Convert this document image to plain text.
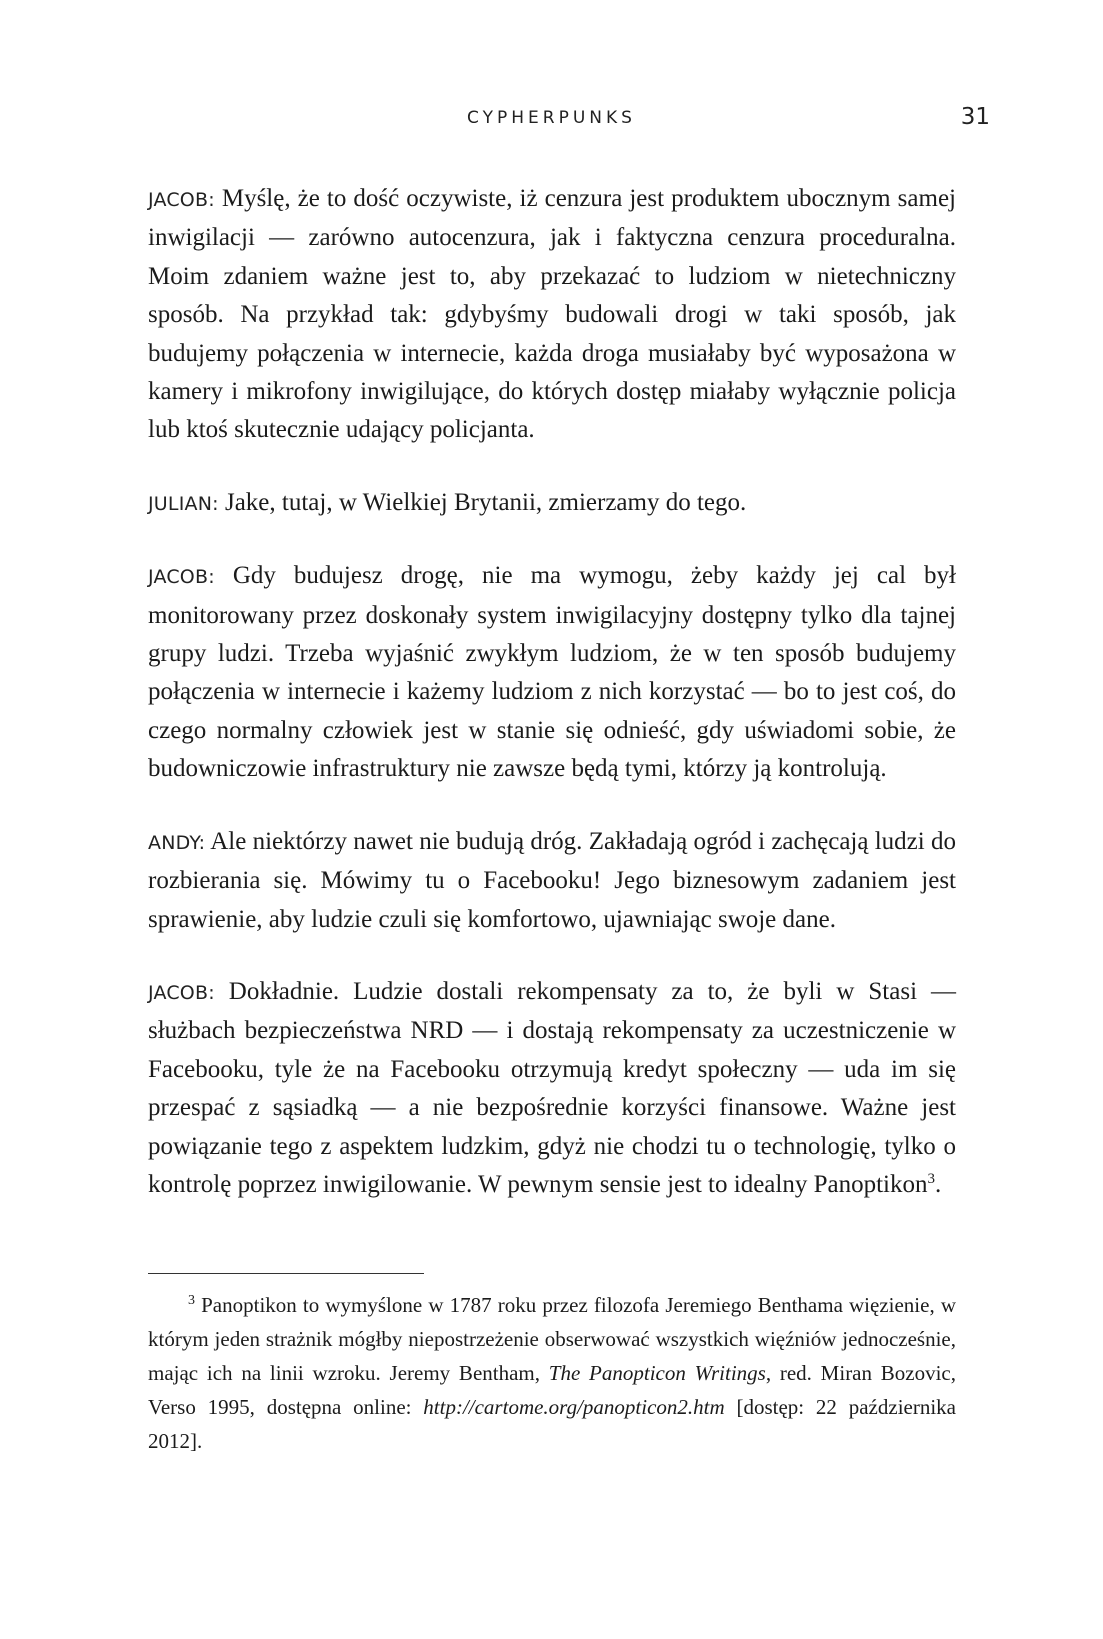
CYPHERPUNKS	31

JACOB: Myślę, że to dość oczywiste, iż cenzura jest produktem ubocznym samej inwigilacji — zarówno autocenzura, jak i faktyczna cenzura proceduralna. Moim zdaniem ważne jest to, aby przekazać to ludziom w nietechniczny sposób. Na przykład tak: gdybyśmy budowali drogi w taki sposób, jak budujemy połączenia w internecie, każda droga musiałaby być wyposażona w kamery i mikrofony inwigilujące, do których dostęp miałaby wyłącznie policja lub ktoś skutecznie udający policjanta.

JULIAN: Jake, tutaj, w Wielkiej Brytanii, zmierzamy do tego.

JACOB: Gdy budujesz drogę, nie ma wymogu, żeby każdy jej cal był monitorowany przez doskonały system inwigilacyjny dostępny tylko dla tajnej grupy ludzi. Trzeba wyjaśnić zwykłym ludziom, że w ten sposób budujemy połączenia w internecie i każemy ludziom z nich korzystać — bo to jest coś, do czego normalny człowiek jest w stanie się odnieść, gdy uświadomi sobie, że budowniczowie infrastruktury nie zawsze będą tymi, którzy ją kontrolują.

ANDY: Ale niektórzy nawet nie budują dróg. Zakładają ogród i zachęcają ludzi do rozbierania się. Mówimy tu o Facebooku! Jego biznesowym zadaniem jest sprawienie, aby ludzie czuli się komfortowo, ujawniając swoje dane.

JACOB: Dokładnie. Ludzie dostali rekompensaty za to, że byli w Stasi — służbach bezpieczeństwa NRD — i dostają rekompensaty za uczestniczenie w Facebooku, tyle że na Facebooku otrzymują kredyt społeczny — uda im się przespać z sąsiadką — a nie bezpośrednie korzyści finansowe. Ważne jest powiązanie tego z aspektem ludzkim, gdyż nie chodzi tu o technologię, tylko o kontrolę poprzez inwigilowanie. W pewnym sensie jest to idealny Panoptikon$^3$.

$^3$ Panoptikon to wymyślone w 1787 roku przez filozofa Jeremiego Benthama więzienie, w którym jeden strażnik mógłby niepostrzeżenie obserwować wszystkich więźniów jednocześnie, mając ich na linii wzroku. Jeremy Bentham, The Panopticon Writings, red. Miran Bozovic, Verso 1995, dostępna online: http://cartome.org/panopticon2.htm [dostęp: 22 października 2012].
